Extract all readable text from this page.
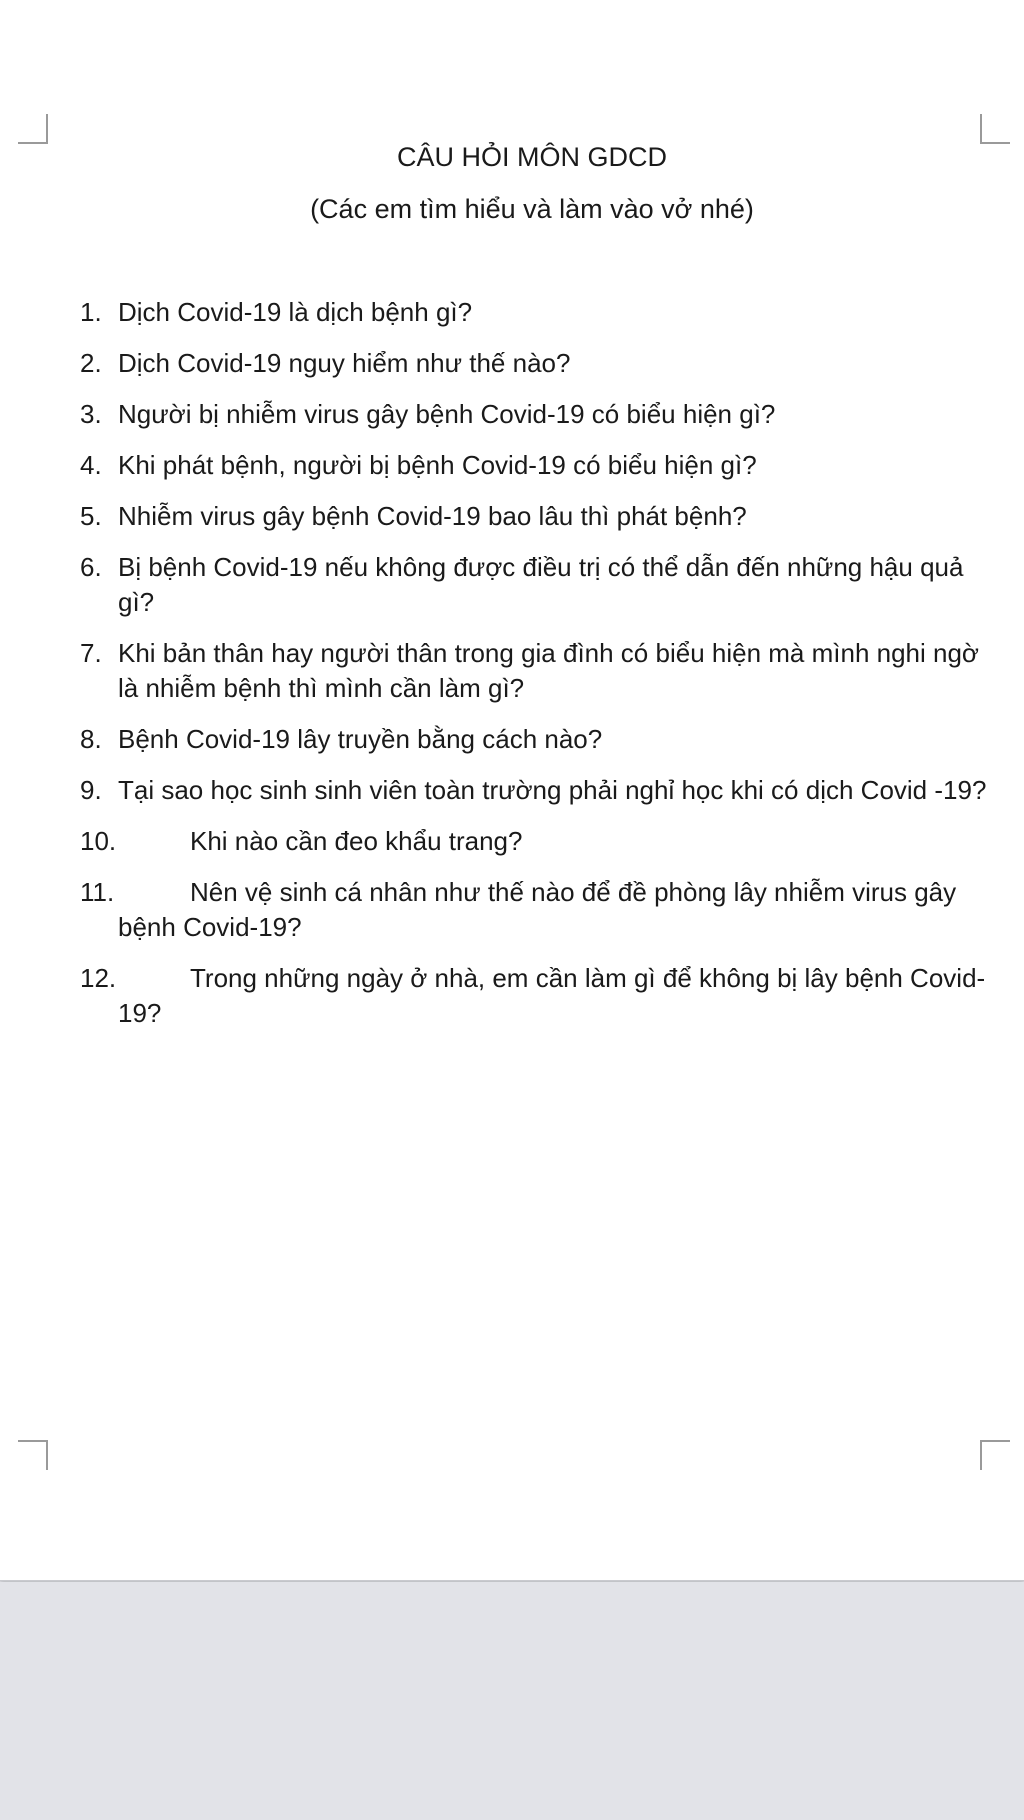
CÂU HỎI MÔN GDCD
(Các em tìm hiểu và làm vào vở nhé)
1. Dịch Covid-19 là dịch bệnh gì?
2. Dịch Covid-19 nguy hiểm như thế nào?
3. Người bị nhiễm virus gây bệnh Covid-19 có biểu hiện gì?
4. Khi phát bệnh, người bị bệnh Covid-19 có biểu hiện gì?
5. Nhiễm virus gây bệnh Covid-19 bao lâu thì phát bệnh?
6. Bị bệnh Covid-19 nếu không được điều trị có thể dẫn đến những hậu quả gì?
7. Khi bản thân hay người thân trong gia đình có biểu hiện mà mình nghi ngờ là nhiễm bệnh thì mình cần làm gì?
8. Bệnh Covid-19 lây truyền bằng cách nào?
9. Tại sao học sinh sinh viên toàn trường phải nghỉ học khi có dịch Covid -19?
10.	Khi nào cần đeo khẩu trang?
11.	Nên vệ sinh cá nhân như thế nào để đề phòng lây nhiễm virus gây bệnh Covid-19?
12.	Trong những ngày ở nhà, em cần làm gì để không bị lây bệnh Covid-19?
